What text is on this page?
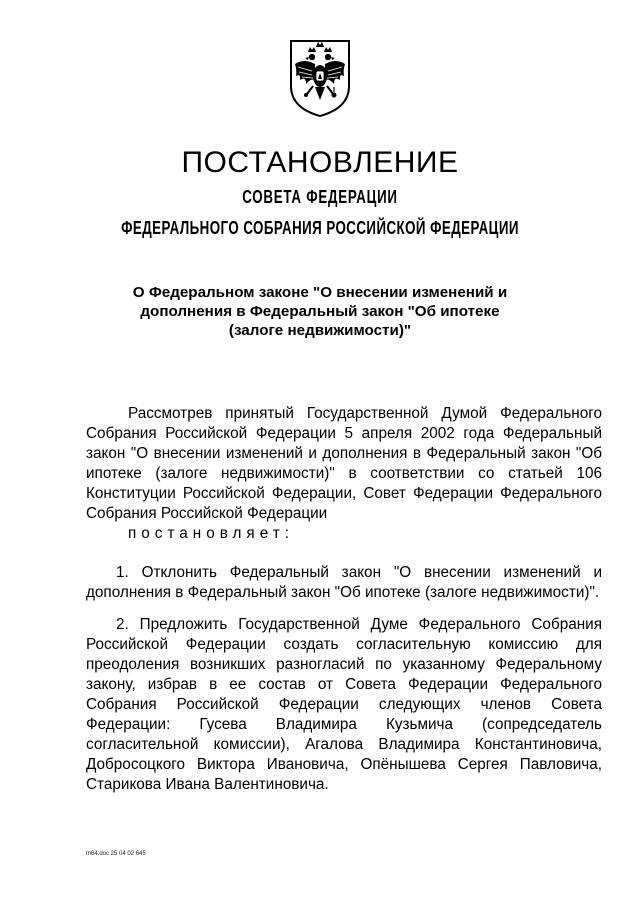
ПОСТАНОВЛЕНИЕ
СОВЕТА ФЕДЕРАЦИИ
ФЕДЕРАЛЬНОГО СОБРАНИЯ РОССИЙСКОЙ ФЕДЕРАЦИИ
О Федеральном законе "О внесении изменений и дополнения в Федеральный закон "Об ипотеке (залоге недвижимости)"

Рассмотрев принятый Государственной Думой Федерального Собрания Российской Федерации 5 апреля 2002 года Федеральный закон "О внесении изменений и дополнения в Федеральный закон "Об ипотеке (залоге недвижимости)" в соответствии со статьей 106 Конституции Российской Федерации, Совет Федерации Федерального Собрания Российской Федерации
постановляет:

1. Отклонить Федеральный закон "О внесении изменений и дополнения в Федеральный закон "Об ипотеке (залоге недвижимости)".

2. Предложить Государственной Думе Федерального Собрания Российской Федерации создать согласительную комиссию для преодоления возникших разногласий по указанному Федеральному закону, избрав в ее состав от Совета Федерации Федерального Собрания Российской Федерации следующих членов Совета Федерации: Гусева Владимира Кузьмича (сопредседатель согласительной комиссии), Агалова Владимира Константиновича, Добросоцкого Виктора Ивановича, Опёнышева Сергея Павловича, Старикова Ивана Валентиновича.

m64.doc 25 04 02 645
